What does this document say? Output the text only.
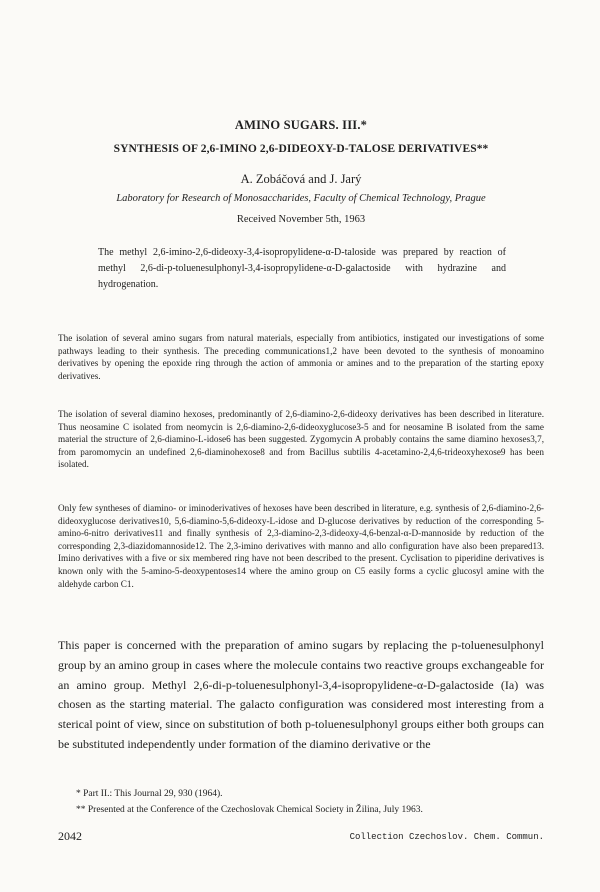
AMINO SUGARS. III.*
SYNTHESIS OF 2,6-IMINO 2,6-DIDEOXY-D-TALOSE DERIVATIVES**
A. Zobáčová and J. Jarý
Laboratory for Research of Monosaccharides, Faculty of Chemical Technology, Prague
Received November 5th, 1963
The methyl 2,6-imino-2,6-dideoxy-3,4-isopropylidene-α-D-taloside was prepared by reaction of methyl 2,6-di-p-toluenesulphonyl-3,4-isopropylidene-α-D-galactoside with hydrazine and hydrogenation.
The isolation of several amino sugars from natural materials, especially from antibiotics, instigated our investigations of some pathways leading to their synthesis. The preceding communications1,2 have been devoted to the synthesis of monoamino derivatives by opening the epoxide ring through the action of ammonia or amines and to the preparation of the starting epoxy derivatives.
The isolation of several diamino hexoses, predominantly of 2,6-diamino-2,6-dideoxy derivatives has been described in literature. Thus neosamine C isolated from neomycin is 2,6-diamino-2,6-dideoxyglucose3-5 and for neosamine B isolated from the same material the structure of 2,6-diamino-L-idose6 has been suggested. Zygomycin A probably contains the same diamino hexoses3,7, from paromomycin an undefined 2,6-diaminohexose8 and from Bacillus subtilis 4-acetamino-2,4,6-trideoxyhexose9 has been isolated.
Only few syntheses of diamino- or iminoderivatives of hexoses have been described in literature, e.g. synthesis of 2,6-diamino-2,6-dideoxyglucose derivatives10, 5,6-diamino-5,6-dideoxy-L-idose and D-glucose derivatives by reduction of the corresponding 5-amino-6-nitro derivatives11 and finally synthesis of 2,3-diamino-2,3-dideoxy-4,6-benzal-α-D-mannoside by reduction of the corresponding 2,3-diazidomannoside12. The 2,3-imino derivatives with manno and allo configuration have also been prepared13. Imino derivatives with a five or six membered ring have not been described to the present. Cyclisation to piperidine derivatives is known only with the 5-amino-5-deoxypentoses14 where the amino group on C5 easily forms a cyclic glucosyl amine with the aldehyde carbon C1.
This paper is concerned with the preparation of amino sugars by replacing the p-toluenesulphonyl group by an amino group in cases where the molecule contains two reactive groups exchangeable for an amino group. Methyl 2,6-di-p-toluenesulphonyl-3,4-isopropylidene-α-D-galactoside (Ia) was chosen as the starting material. The galacto configuration was considered most interesting from a sterical point of view, since on substitution of both p-toluenesulphonyl groups either both groups can be substituted independently under formation of the diamino derivative or the
* Part II.: This Journal 29, 930 (1964).
** Presented at the Conference of the Czechoslovak Chemical Society in Žilina, July 1963.
2042	Collection Czechoslov. Chem. Commun.
